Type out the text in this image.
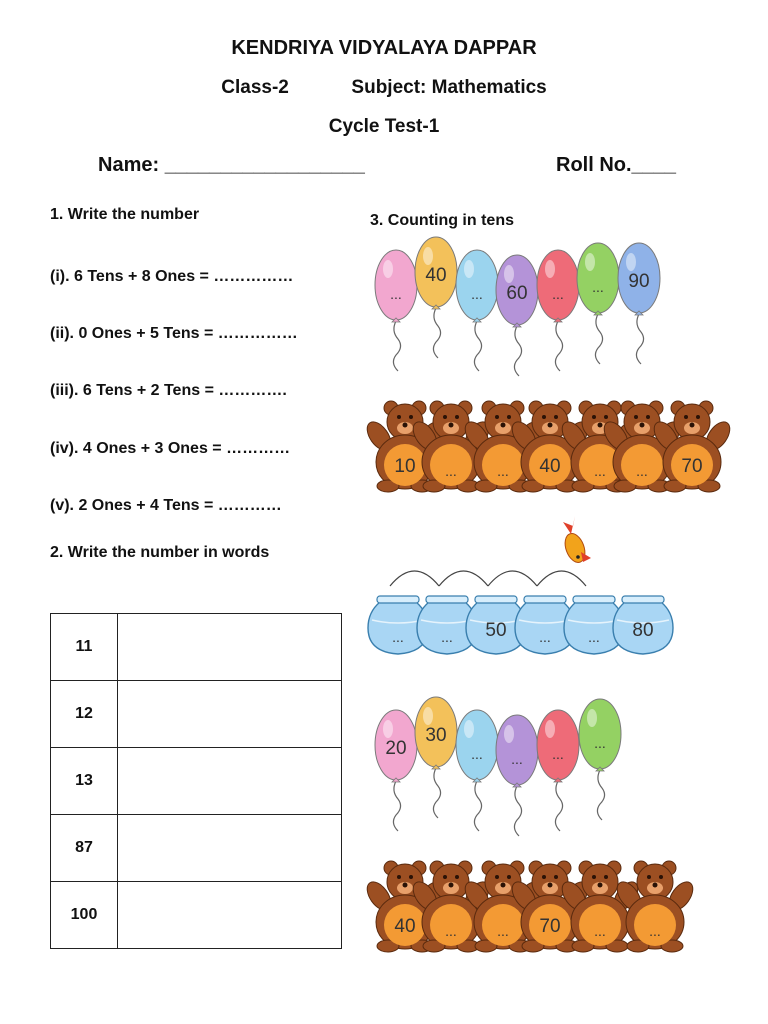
KENDRIYA VIDYALAYA DAPPAR
Class-2	Subject: Mathematics
Cycle Test-1
Name: __________________	Roll No.____
1. Write the number
(i). 6 Tens + 8 Ones = ……………
(ii). 0 Ones + 5 Tens = ……………
(iii). 6 Tens + 2 Tens = ………….
(iv). 4 Ones + 3 Ones = …………
(v). 2 Ones + 4 Tens = …………
2. Write the number in words
11	
12	
13	
87	
100	
3. Counting in tens
...
40
... 60 ... ... 90
10 ...	... 40 ... ... 70
...	... 50 ...	... 80
20
30
... ... ...
...
40 ...	... 70 ...	...
